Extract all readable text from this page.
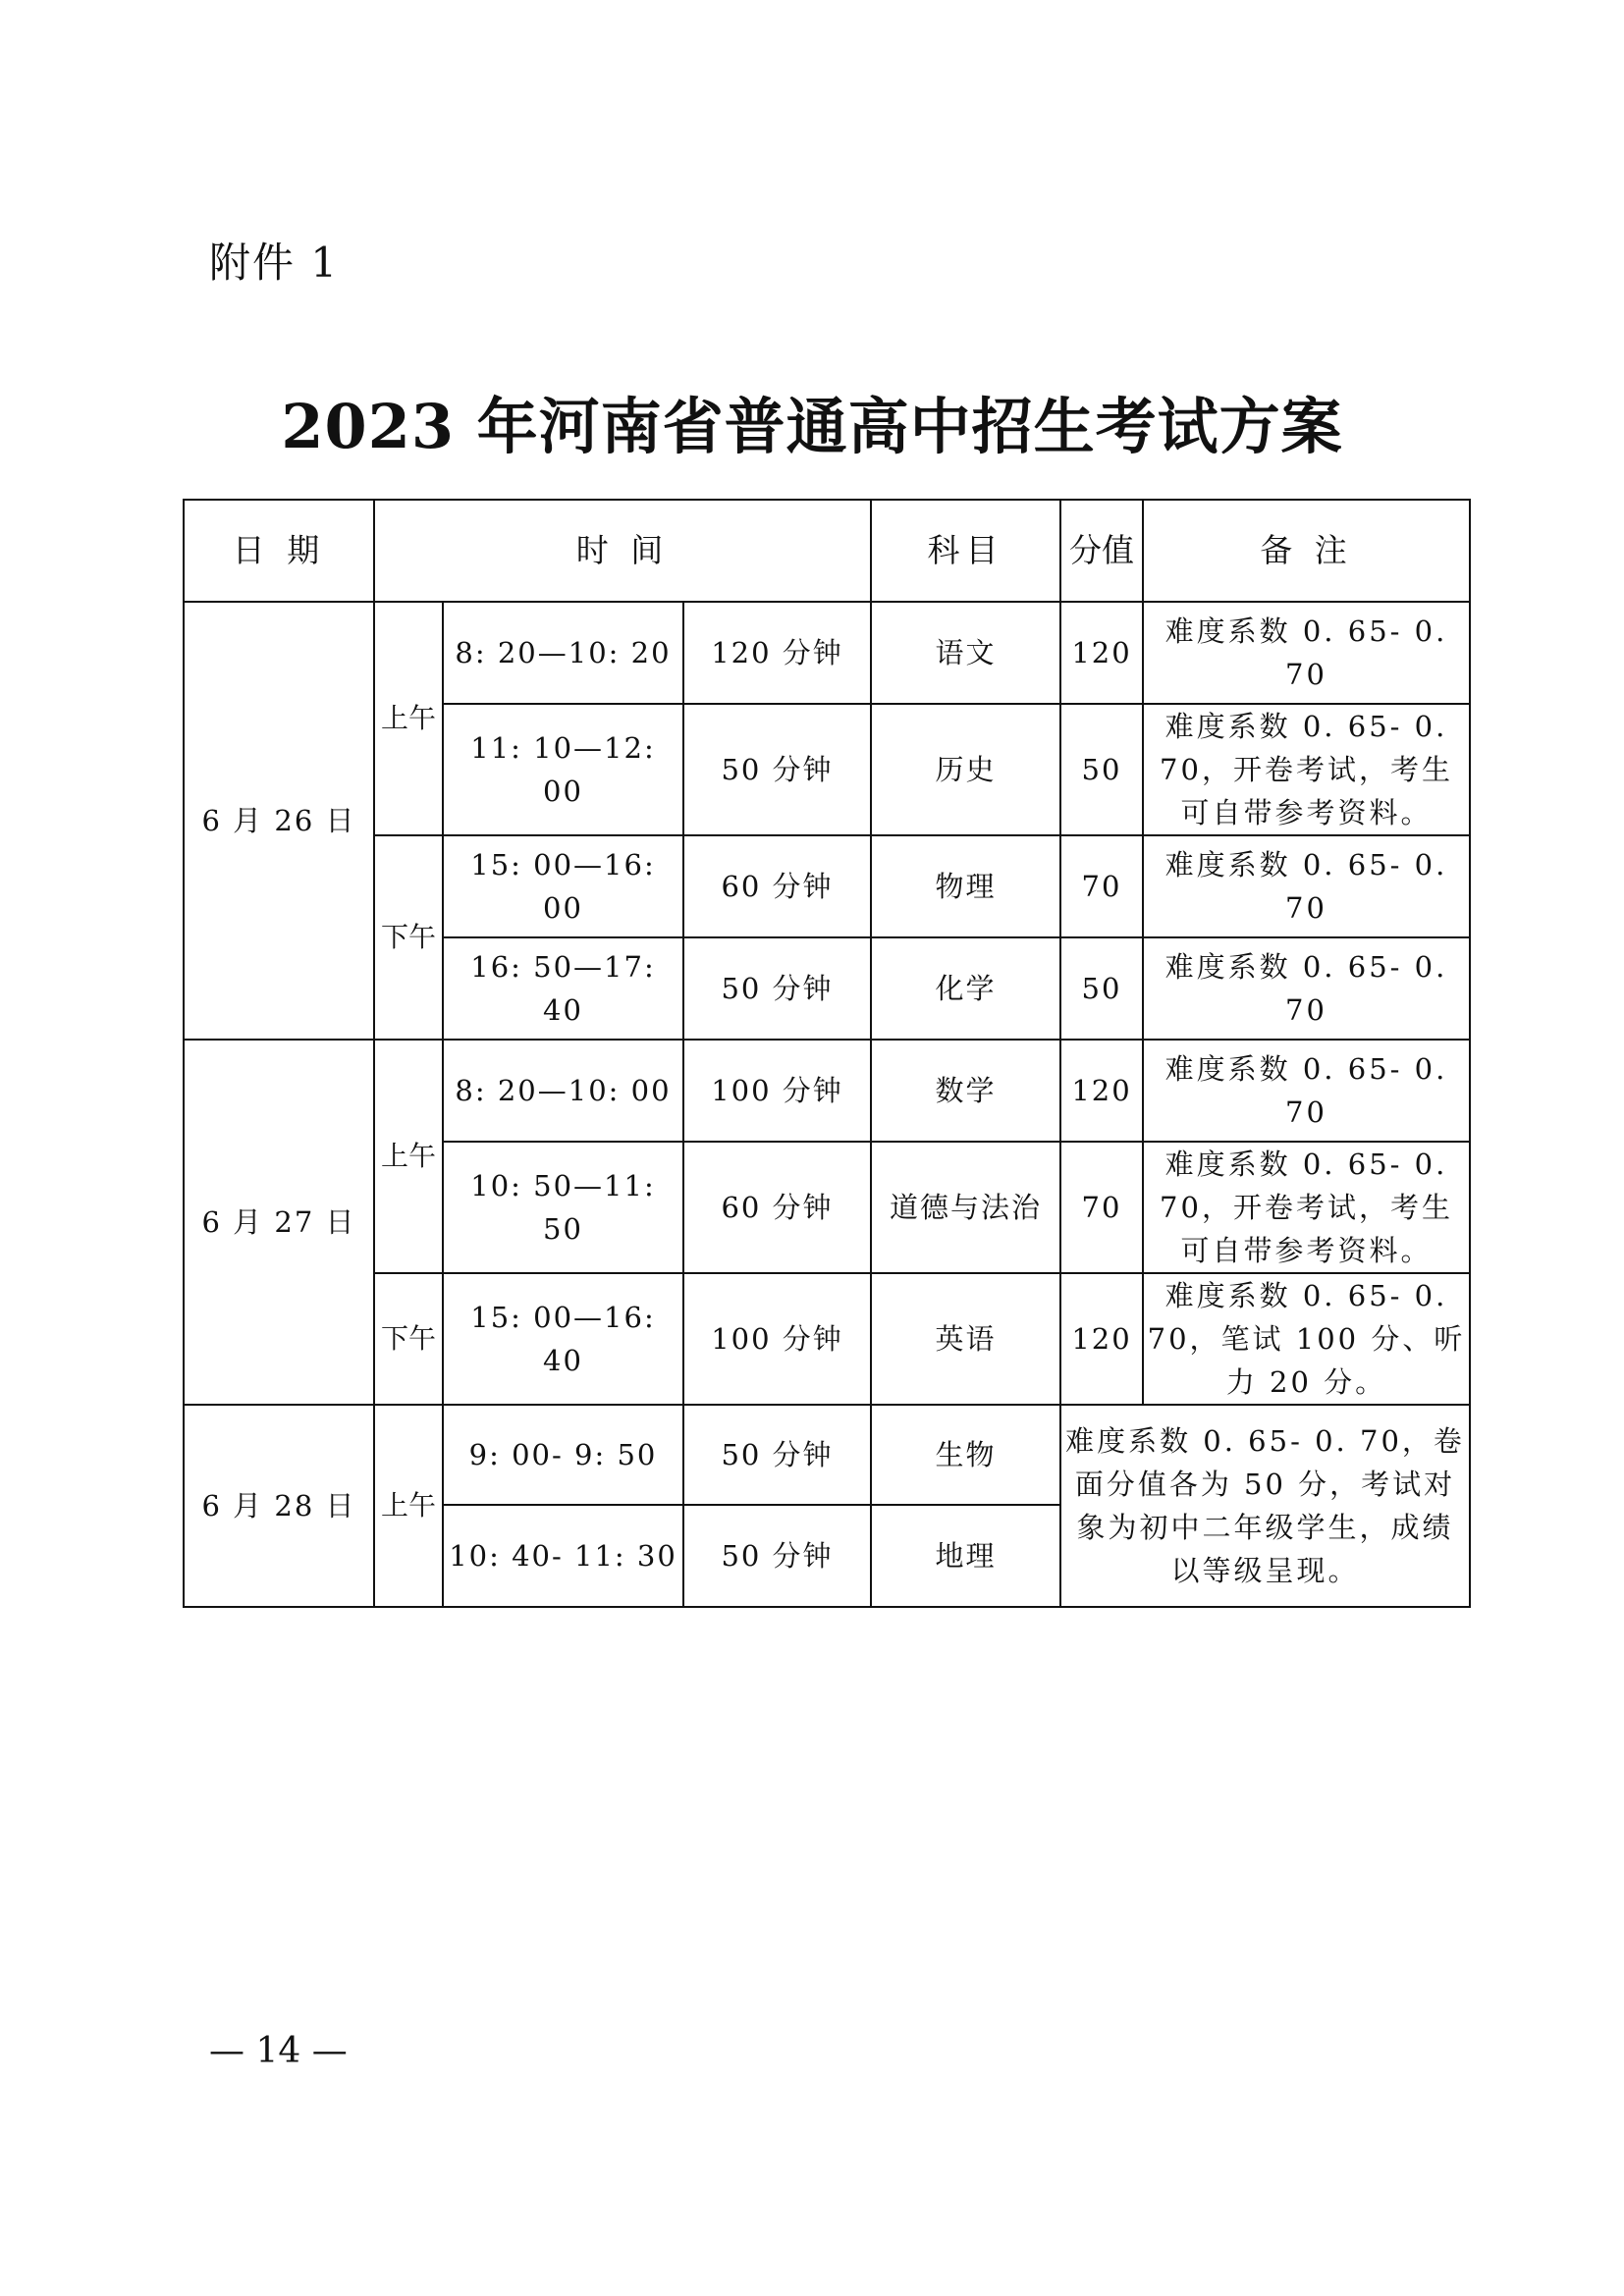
附件 1
2023 年河南省普通高中招生考试方案
日 期	时 间			科目	分值	备 注
6 月 26 日	上午	8: 20—10: 20	120 分钟	语文	120	难度系数 0. 65- 0. 70
		11: 10—12: 00	50 分钟	历史	50	难度系数 0. 65- 0. 70，开卷考试，考生可自带参考资料。
	下午	15: 00—16: 00	60 分钟	物理	70	难度系数 0. 65- 0. 70
		16: 50—17: 40	50 分钟	化学	50	难度系数 0. 65- 0. 70
6 月 27 日	上午	8: 20—10: 00	100 分钟	数学	120	难度系数 0. 65- 0. 70
		10: 50—11: 50	60 分钟	道德与法治	70	难度系数 0. 65- 0. 70，开卷考试，考生可自带参考资料。
	下午	15: 00—16: 40	100 分钟	英语	120	难度系数 0. 65- 0. 70，笔试 100 分、听力 20 分。
6 月 28 日	上午	9: 00- 9: 50	50 分钟	生物	难度系数 0. 65- 0. 70，卷面分值各为 50 分，考试对象为初中二年级学生，成绩以等级呈现。	
		10: 40- 11: 30	50 分钟	地理		
— 14 —
